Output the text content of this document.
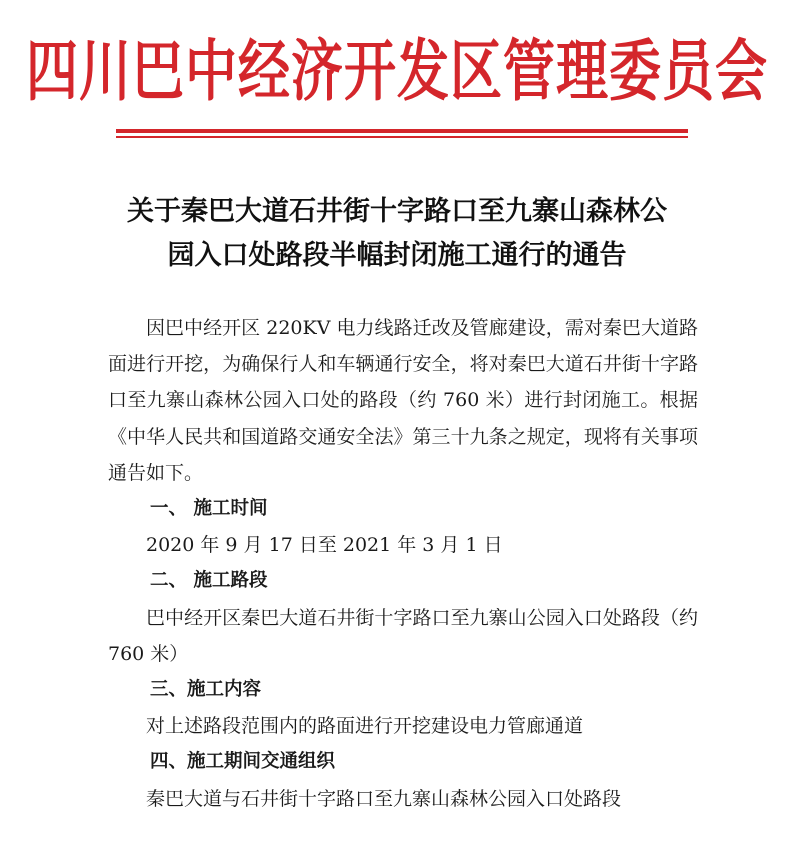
四川巴中经济开发区管理委员会
关于秦巴大道石井街十字路口至九寨山森林公
园入口处路段半幅封闭施工通行的通告

因巴中经开区 220KV 电力线路迁改及管廊建设，需对秦巴大道路面进行开挖，为确保行人和车辆通行安全，将对秦巴大道石井街十字路口至九寨山森林公园入口处的路段（约 760 米）进行封闭施工。根据《中华人民共和国道路交通安全法》第三十九条之规定，现将有关事项通告如下。

一、 施工时间

2020 年 9 月 17 日至 2021 年 3 月 1 日

二、 施工路段

巴中经开区秦巴大道石井街十字路口至九寨山公园入口处路段（约 760 米）

三、施工内容

对上述路段范围内的路面进行开挖建设电力管廊通道

四、施工期间交通组织

秦巴大道与石井街十字路口至九寨山森林公园入口处路段
